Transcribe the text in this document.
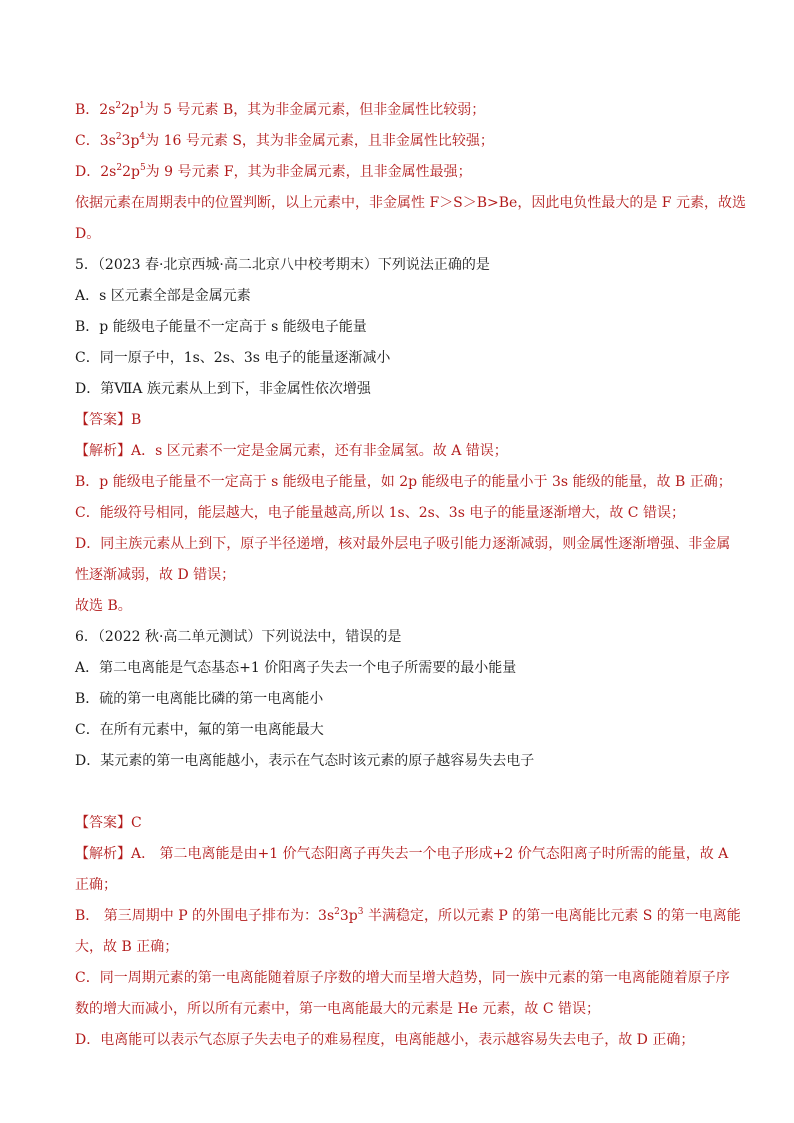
B．$2s^22p^1$为 5 号元素 B，其为非金属元素，但非金属性比较弱；
C．$3s^23p^4$为 16 号元素 S，其为非金属元素，且非金属性比较强；
D．$2s^22p^5$为 9 号元素 F，其为非金属元素，且非金属性最强；
依据元素在周期表中的位置判断，以上元素中，非金属性 F＞S＞B>Be，因此电负性最大的是 F 元素，故选
D。
5．（2023 春·北京西城·高二北京八中校考期末）下列说法正确的是
A．s 区元素全部是金属元素
B．p 能级电子能量不一定高于 s 能级电子能量
C．同一原子中，1s、2s、3s 电子的能量逐渐减小
D．第ⅦA 族元素从上到下，非金属性依次增强
【答案】B
【解析】A．s 区元素不一定是金属元素，还有非金属氢。故 A 错误；
B．p 能级电子能量不一定高于 s 能级电子能量，如 2p 能级电子的能量小于 3s 能级的能量，故 B 正确；
C．能级符号相同，能层越大，电子能量越高,所以 1s、2s、3s 电子的能量逐渐增大，故 C 错误；
D．同主族元素从上到下，原子半径递增，核对最外层电子吸引能力逐渐减弱，则金属性逐渐增强、非金属
性逐渐减弱，故 D 错误；
故选 B。
6．（2022 秋·高二单元测试）下列说法中，错误的是
A．第二电离能是气态基态+1 价阳离子失去一个电子所需要的最小能量
B．硫的第一电离能比磷的第一电离能小
C．在所有元素中，氟的第一电离能最大
D．某元素的第一电离能越小，表示在气态时该元素的原子越容易失去电子
【答案】C
【解析】A． 第二电离能是由+1 价气态阳离子再失去一个电子形成+2 价气态阳离子时所需的能量，故 A
正确；
B． 第三周期中 P 的外围电子排布为：$3s^23p^3$ 半满稳定，所以元素 P 的第一电离能比元素 S 的第一电离能
大，故 B 正确；
C．同一周期元素的第一电离能随着原子序数的增大而呈增大趋势，同一族中元素的第一电离能随着原子序
数的增大而减小，所以所有元素中，第一电离能最大的元素是 He 元素，故 C 错误；
D．电离能可以表示气态原子失去电子的难易程度，电离能越小，表示越容易失去电子，故 D 正确；
